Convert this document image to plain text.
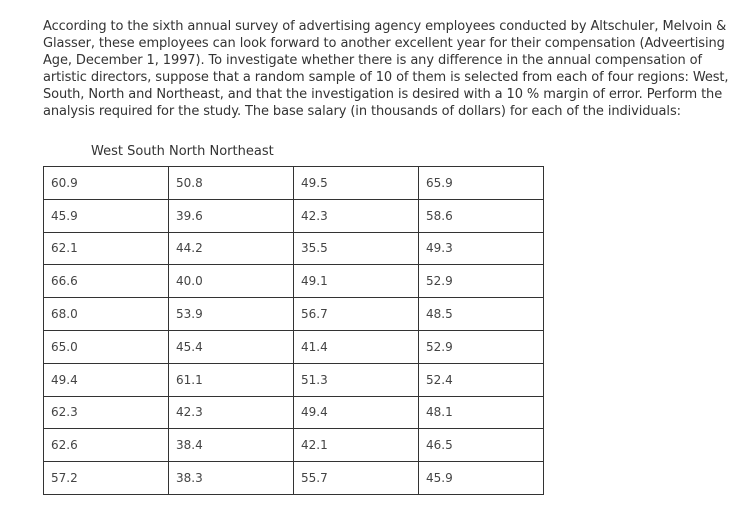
According to the sixth annual survey of advertising agency employees conducted by Altschuler, Melvoin &
Glasser, these employees can look forward to another excellent year for their compensation (Adveertising
Age, December 1, 1997). To investigate whether there is any difference in the annual compensation of
artistic directors, suppose that a random sample of 10 of them is selected from each of four regions: West,
South, North and Northeast, and that the investigation is desired with a 10 % margin of error. Perform the
analysis required for the study. The base salary (in thousands of dollars) for each of the individuals:
West South North Northeast
60.9	50.8	49.5	65.9
45.9	39.6	42.3	58.6
62.1	44.2	35.5	49.3
66.6	40.0	49.1	52.9
68.0	53.9	56.7	48.5
65.0	45.4	41.4	52.9
49.4	61.1	51.3	52.4
62.3	42.3	49.4	48.1
62.6	38.4	42.1	46.5
57.2	38.3	55.7	45.9
